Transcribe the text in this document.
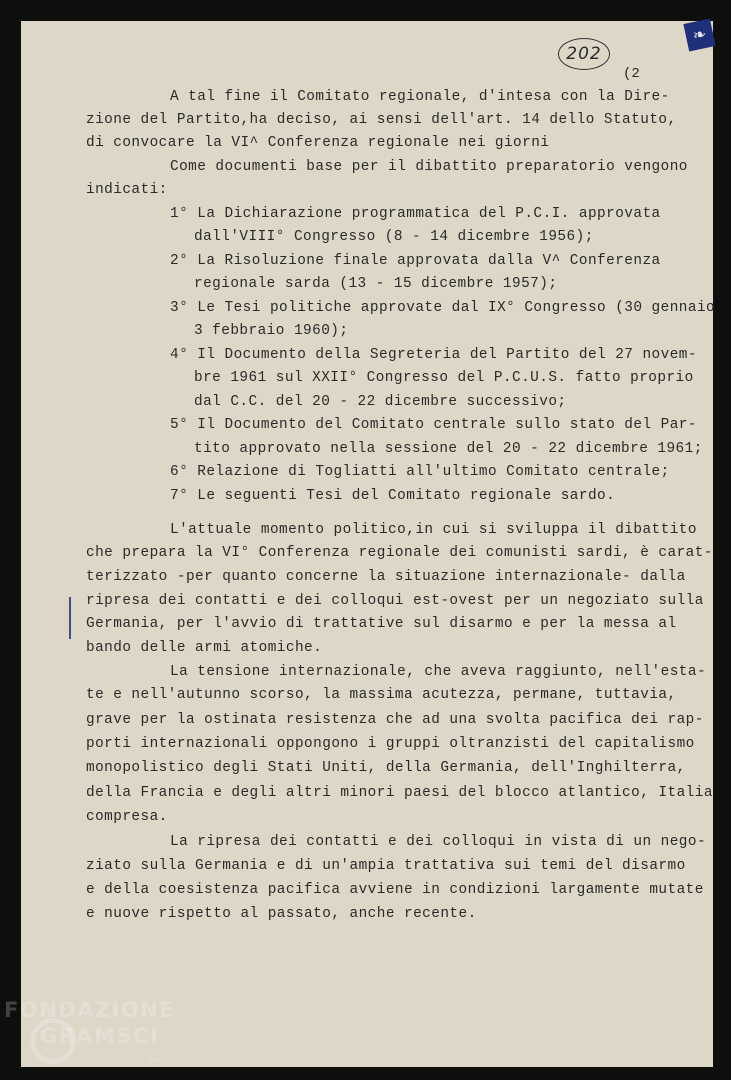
202
(2
❧
A tal fine il Comitato regionale, d'intesa con la Dire-
zione del Partito,ha deciso, ai sensi dell'art. 14 dello Statuto,
di convocare la VI^ Conferenza regionale nei giorni
Come documenti base per il dibattito preparatorio vengono
indicati:
1° La Dichiarazione programmatica del P.C.I. approvata
dall'VIII° Congresso (8 - 14 dicembre 1956);
2° La Risoluzione finale approvata dalla V^ Conferenza
regionale sarda (13 - 15 dicembre 1957);
3° Le Tesi politiche approvate dal IX° Congresso (30 gennaio
3 febbraio 1960);
4° Il Documento della Segreteria del Partito del 27 novem-
bre 1961 sul XXII° Congresso del P.C.U.S. fatto proprio
dal C.C. del 20 - 22 dicembre successivo;
5° Il Documento del Comitato centrale sullo stato del Par-
tito approvato nella sessione del 20 - 22 dicembre 1961;
6° Relazione di Togliatti all'ultimo Comitato centrale;
7° Le seguenti Tesi del Comitato regionale sardo.
L'attuale momento politico,in cui si sviluppa il dibattito
che prepara la VI° Conferenza regionale dei comunisti sardi, è carat-
terizzato -per quanto concerne la situazione internazionale- dalla
ripresa dei contatti e dei colloqui est-ovest per un negoziato sulla
Germania, per l'avvio di trattative sul disarmo e per la messa al
bando delle armi atomiche.
La tensione internazionale, che aveva raggiunto, nell'esta-
te e nell'autunno scorso, la massima acutezza, permane, tuttavia,
grave per la ostinata resistenza che ad una svolta pacifica dei rap-
porti internazionali oppongono i gruppi oltranzisti del capitalismo
monopolistico degli Stati Uniti, della Germania, dell'Inghilterra,
della Francia e degli altri minori paesi del blocco atlantico, Italia
compresa.
La ripresa dei contatti e dei colloqui in vista di un nego-
ziato sulla Germania e di un'ampia trattativa sui temi del disarmo
e della coesistenza pacifica avviene in condizioni largamente mutate
e nuove rispetto al passato, anche recente.
FONDAZIONE
GRAMSCI
onlus
